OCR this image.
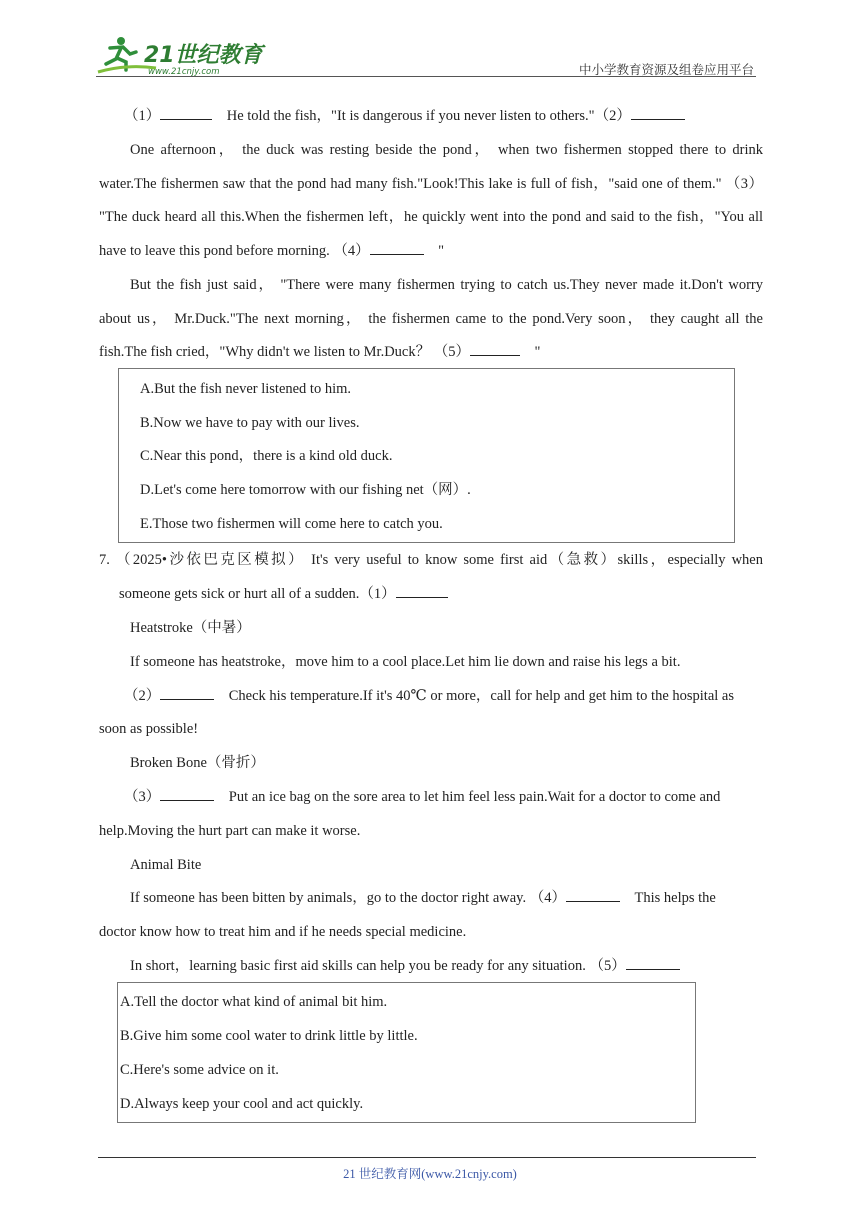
21世纪教育
www.21cnjy.com	中小学教育资源及组卷应用平台
（1）	He told the fish，"It is dangerous if you never listen to others."（2）
One afternoon， the duck was resting beside the pond， when two fishermen stopped there to drink
water.The fishermen saw that the pond had many fish."Look!This lake is full of fish，"said one of them." （3）
"The duck heard all this.When the fishermen left，he quickly went into the pond and said to the fish，"You all
have to leave this pond before morning. （4）	"
But the fish just said， "There were many fishermen trying to catch us.They never made it.Don't worry
about us， Mr.Duck."The next morning， the fishermen came to the pond.Very soon， they caught all the
fish.The fish cried，"Why didn't we listen to Mr.Duck？ （5）	"
A.But the fish never listened to him.
B.Now we have to pay with our lives.
C.Near this pond，there is a kind old duck.
D.Let's come here tomorrow with our fishing net（网）.
E.Those two fishermen will come here to catch you.
7. （2025•沙依巴克区模拟） It's very useful to know some first aid（急救）skills，especially when
someone gets sick or hurt all of a sudden.（1）
Heatstroke（中暑）
If someone has heatstroke，move him to a cool place.Let him lie down and raise his legs a bit.
（2）	Check his temperature.If it's 40℃ or more，call for help and get him to the hospital as
soon as possible!
Broken Bone（骨折）
（3）	Put an ice bag on the sore area to let him feel less pain.Wait for a doctor to come and
help.Moving the hurt part can make it worse.
Animal Bite
If someone has been bitten by animals，go to the doctor right away. （4）	This helps the
doctor know how to treat him and if he needs special medicine.
In short，learning basic first aid skills can help you be ready for any situation. （5）
A.Tell the doctor what kind of animal bit him.
B.Give him some cool water to drink little by little.
C.Here's some advice on it.
D.Always keep your cool and act quickly.
21 世纪教育网(www.21cnjy.com)
